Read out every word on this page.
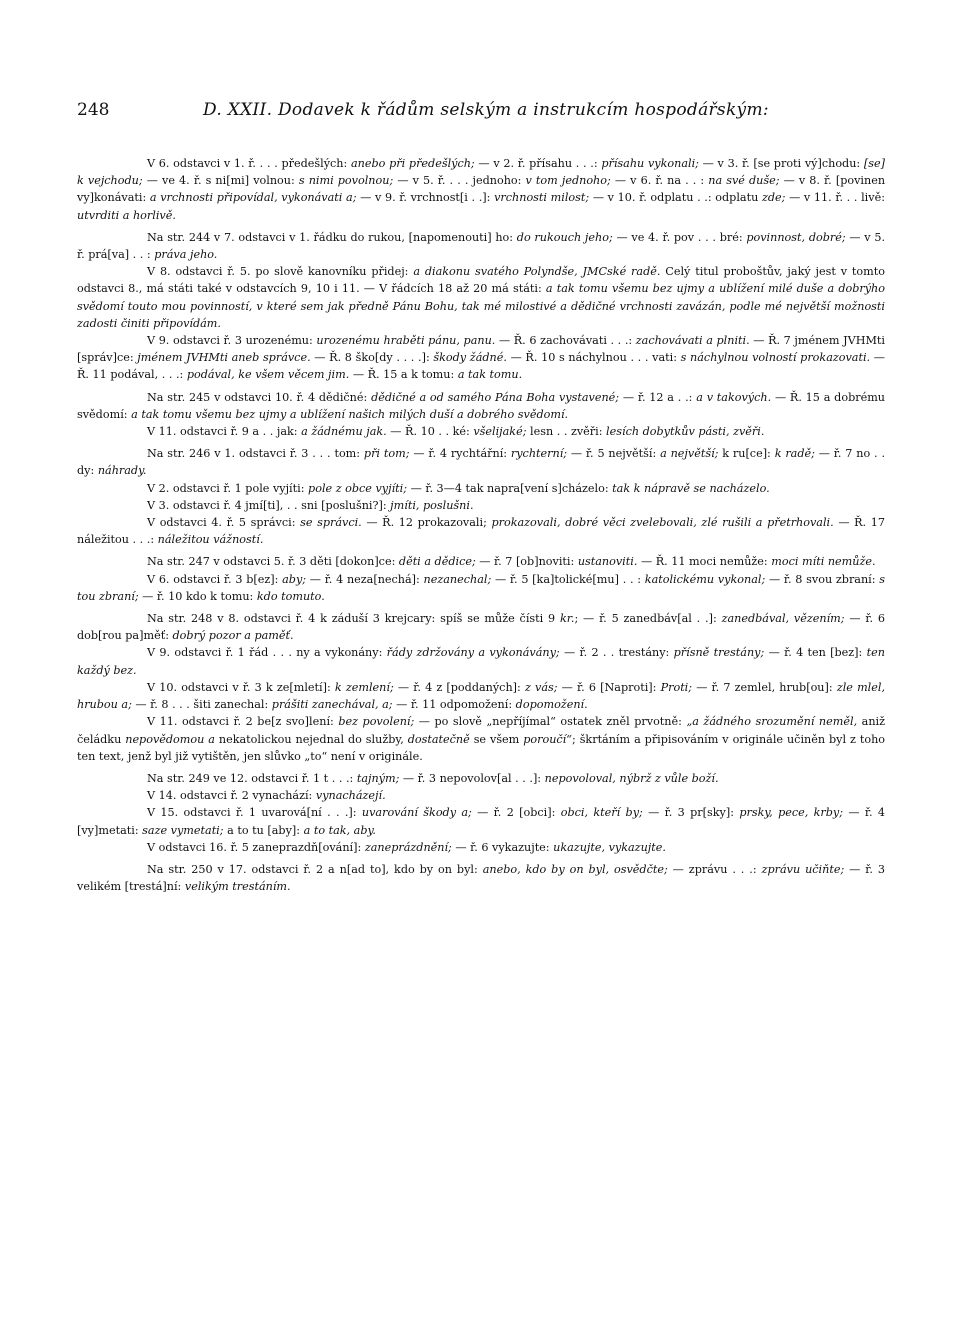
248	D. XXII. Dodavek k řádům selským a instrukcím hospodářským:

V 6. odstavci v 1. ř. . . . předešlých: anebo při předešlých; — v 2. ř. přísahu . . .: přísahu vykonali; — v 3. ř. [se proti vý]chodu: [se] k vejchodu; — ve 4. ř. s ni[mi] volnou: s nimi povolnou; — v 5. ř. . . . jednoho: v tom jednoho; — v 6. ř. na . . : na své duše; — v 8. ř. [povinen vy]konávati: a vrchnosti připovídal, vykonávati a; — v 9. ř. vrchnost[i . .]: vrchnosti milost; — v 10. ř. odplatu . .: odplatu zde; — v 11. ř. . . livě: utvrditi a horlivě.

Na str. 244 v 7. odstavci v 1. řádku do rukou, [napomenouti] ho: do rukouch jeho; — ve 4. ř. pov . . . bré: povinnost, dobré; — v 5. ř. prá[va] . . : práva jeho.

V 8. odstavci ř. 5. po slově kanovníku přidej: a diakonu svatého Polyndše, JMCské radě. Celý titul proboštův, jaký jest v tomto odstavci 8., má státi také v odstavcích 9, 10 i 11. — V řádcích 18 až 20 má státi: a tak tomu všemu bez ujmy a ublížení milé duše a dobrýho svědomí touto mou povinností, v které sem jak předně Pánu Bohu, tak mé milostivé a dědičné vrchnosti zavázán, podle mé největší možnosti zadosti činiti připovídám.

V 9. odstavci ř. 3 urozenému: urozenému hraběti pánu, panu. — Ř. 6 zachovávati . . .: zachovávati a plniti. — Ř. 7 jménem JVHMti [správ]ce: jménem JVHMti aneb správce. — Ř. 8 ško[dy . . . .]: škody žádné. — Ř. 10 s náchylnou . . . vati: s náchylnou volností prokazovati. — Ř. 11 podával, . . .: podával, ke všem věcem jim. — Ř. 15 a k tomu: a tak tomu.

Na str. 245 v odstavci 10. ř. 4 dědičné: dědičné a od samého Pána Boha vystavené; — ř. 12 a . .: a v takových. — Ř. 15 a dobrému svědomí: a tak tomu všemu bez ujmy a ublížení našich milých duší a dobrého svědomí.

V 11. odstavci ř. 9 a . . jak: a žádnému jak. — Ř. 10 . . ké: všelijaké; lesn . . zvěři: lesích dobytkův pásti, zvěři.

Na str. 246 v 1. odstavci ř. 3 . . . tom: při tom; — ř. 4 rychtářní: rychterní; — ř. 5 největší: a největší; k ru[ce]: k radě; — ř. 7 no . . dy: náhrady.

V 2. odstavci ř. 1 pole vyjíti: pole z obce vyjíti; — ř. 3—4 tak napra[vení s]cházelo: tak k nápravě se nacházelo.

V 3. odstavci ř. 4 jmí[ti], . . sni [poslušni?]: jmíti, poslušni.

V odstavci 4. ř. 5 správci: se správci. — Ř. 12 prokazovali; prokazovali, dobré věci zvelebovali, zlé rušili a přetrhovali. — Ř. 17 náležitou . . .: náležitou vážností.

Na str. 247 v odstavci 5. ř. 3 děti [dokon]ce: děti a dědice; — ř. 7 [ob]noviti: ustanoviti. — Ř. 11 moci nemůže: moci míti nemůže.

V 6. odstavci ř. 3 b[ez]: aby; — ř. 4 neza[nechá]: nezanechal; — ř. 5 [ka]tolické[mu] . . : katolickému vykonal; — ř. 8 svou zbraní: s tou zbraní; — ř. 10 kdo k tomu: kdo tomuto.

Na str. 248 v 8. odstavci ř. 4 k záduší 3 krejcary: spíš se může čísti 9 kr.; — ř. 5 zanedbáv[al . .]: zanedbával, vězením; — ř. 6 dob[rou pa]měť: dobrý pozor a paměť.

V 9. odstavci ř. 1 řád . . . ny a vykonány: řády zdržovány a vykonávány; — ř. 2 . . trestány: přísně trestány; — ř. 4 ten [bez]: ten každý bez.

V 10. odstavci v ř. 3 k ze[mletí]: k zemlení; — ř. 4 z [poddaných]: z vás; — ř. 6 [Naproti]: Proti; — ř. 7 zemlel, hrub[ou]: zle mlel, hrubou a; — ř. 8 . . . šiti zanechal: prášiti zanechával, a; — ř. 11 odpomožení: dopomožení.

V 11. odstavci ř. 2 be[z svo]lení: bez povolení; — po slově „nepříjímal“ ostatek zněl prvotně: „a žádného srozumění neměl, aniž čeládku nepovědomou a nekatolickou nejednal do služby, dostatečně se všem poroučí“; škrtáním a připisováním v originále učiněn byl z toho ten text, jenž byl již vytištěn, jen slůvko „to“ není v originále.

Na str. 249 ve 12. odstavci ř. 1 t . . .: tajným; — ř. 3 nepovolov[al . . .]: nepovoloval, nýbrž z vůle boží.

V 14. odstavci ř. 2 vynachází: vynacházejí.

V 15. odstavci ř. 1 uvarová[ní . . .]: uvarování škody a; — ř. 2 [obci]: obci, kteří by; — ř. 3 pr[sky]: prsky, pece, krby; — ř. 4 [vy]metati: saze vymetati; a to tu [aby]: a to tak, aby.

V odstavci 16. ř. 5 zaneprazdň[ování]: zaneprázdnění; — ř. 6 vykazujte: ukazujte, vykazujte.

Na str. 250 v 17. odstavci ř. 2 a n[ad to], kdo by on byl: anebo, kdo by on byl, osvědčte; — zprávu . . .: zprávu učiňte; — ř. 3 velikém [trestá]ní: velikým trestáním.
